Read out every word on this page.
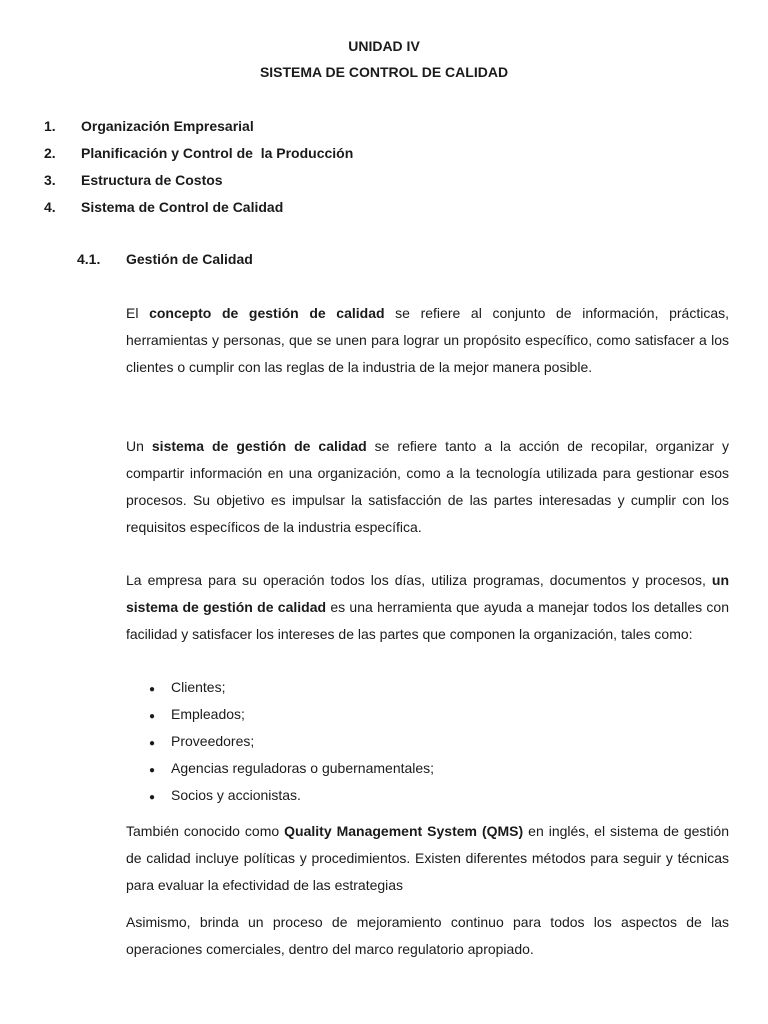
UNIDAD IV
SISTEMA DE CONTROL DE CALIDAD
1. Organización Empresarial
2. Planificación y Control de  la Producción
3. Estructura de Costos
4. Sistema de Control de Calidad
4.1. Gestión de Calidad

El concepto de gestión de calidad se refiere al conjunto de información, prácticas, herramientas y personas, que se unen para lograr un propósito específico, como satisfacer a los clientes o cumplir con las reglas de la industria de la mejor manera posible.

Un sistema de gestión de calidad se refiere tanto a la acción de recopilar, organizar y compartir información en una organización, como a la tecnología utilizada para gestionar esos procesos. Su objetivo es impulsar la satisfacción de las partes interesadas y cumplir con los requisitos específicos de la industria específica.

La empresa para su operación todos los días, utiliza programas, documentos y procesos, un sistema de gestión de calidad es una herramienta que ayuda a manejar todos los detalles con facilidad y satisfacer los intereses de las partes que componen la organización, tales como:

● Clientes;
● Empleados;
● Proveedores;
● Agencias reguladoras o gubernamentales;
● Socios y accionistas.

También conocido como Quality Management System (QMS) en inglés, el sistema de gestión de calidad incluye políticas y procedimientos. Existen diferentes métodos para seguir y técnicas para evaluar la efectividad de las estrategias

Asimismo, brinda un proceso de mejoramiento continuo para todos los aspectos de las operaciones comerciales, dentro del marco regulatorio apropiado.
